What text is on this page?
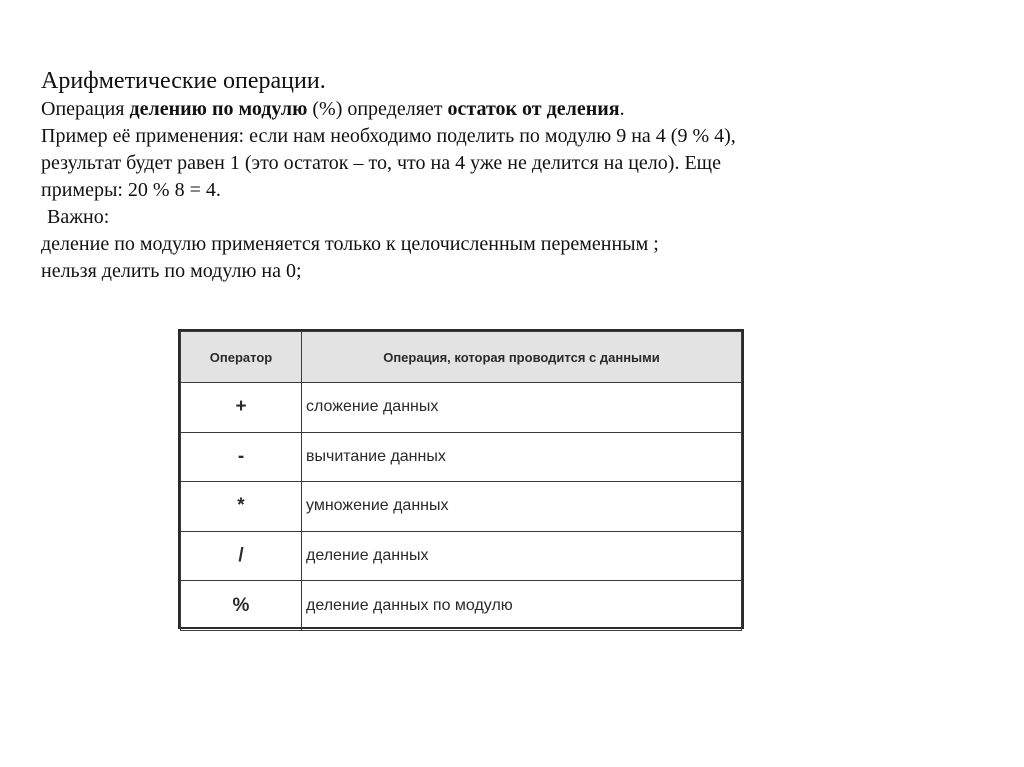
Арифметические операции.

Операция делению по модулю (%) определяет остаток от деления.

Пример её применения: если нам необходимо поделить по модулю 9 на 4 (9 % 4),

результат будет равен 1 (это остаток – то, что на 4 уже не делится на цело). Еще

примеры: 20 % 8 = 4.

Важно:

деление по модулю применяется только к целочисленным переменным ;

нельзя делить по модулю на 0;

Оператор	Операция, которая проводится с данными
+	сложение данных
-	вычитание данных
*	умножение данных
/	деление данных
%	деление данных по модулю
